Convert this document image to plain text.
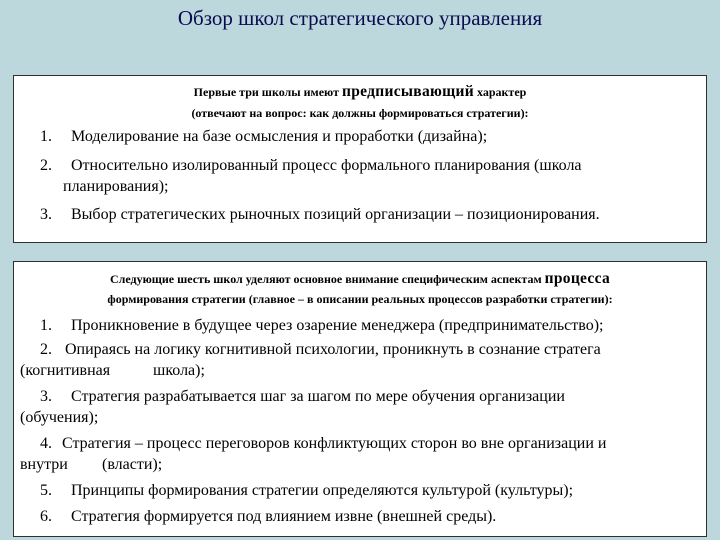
Обзор школ стратегического управления
Первые три школы имеют предписывающий характер
(отвечают на вопрос: как должны формироваться стратегии):
1. Моделирование на базе осмысления и проработки (дизайна);
2. Относительно изолированный процесс формального планирования (школа
планирования);
3. Выбор стратегических рыночных позиций организации – позиционирования.
Следующие шесть школ уделяют основное внимание специфическим аспектам процесса
формирования стратегии (главное – в описании реальных процессов разработки стратегии):
1. Проникновение в будущее через озарение менеджера (предпринимательство);
2. Опираясь на логику когнитивной психологии, проникнуть в сознание стратега
(когнитивная	школа);
3. Стратегия разрабатывается шаг за шагом по мере обучения организации
(обучения);
4. Стратегия – процесс переговоров конфликтующих сторон во вне организации и
внутри (власти);
5. Принципы формирования стратегии определяются культурой (культуры);
6. Стратегия формируется под влиянием извне (внешней среды).
